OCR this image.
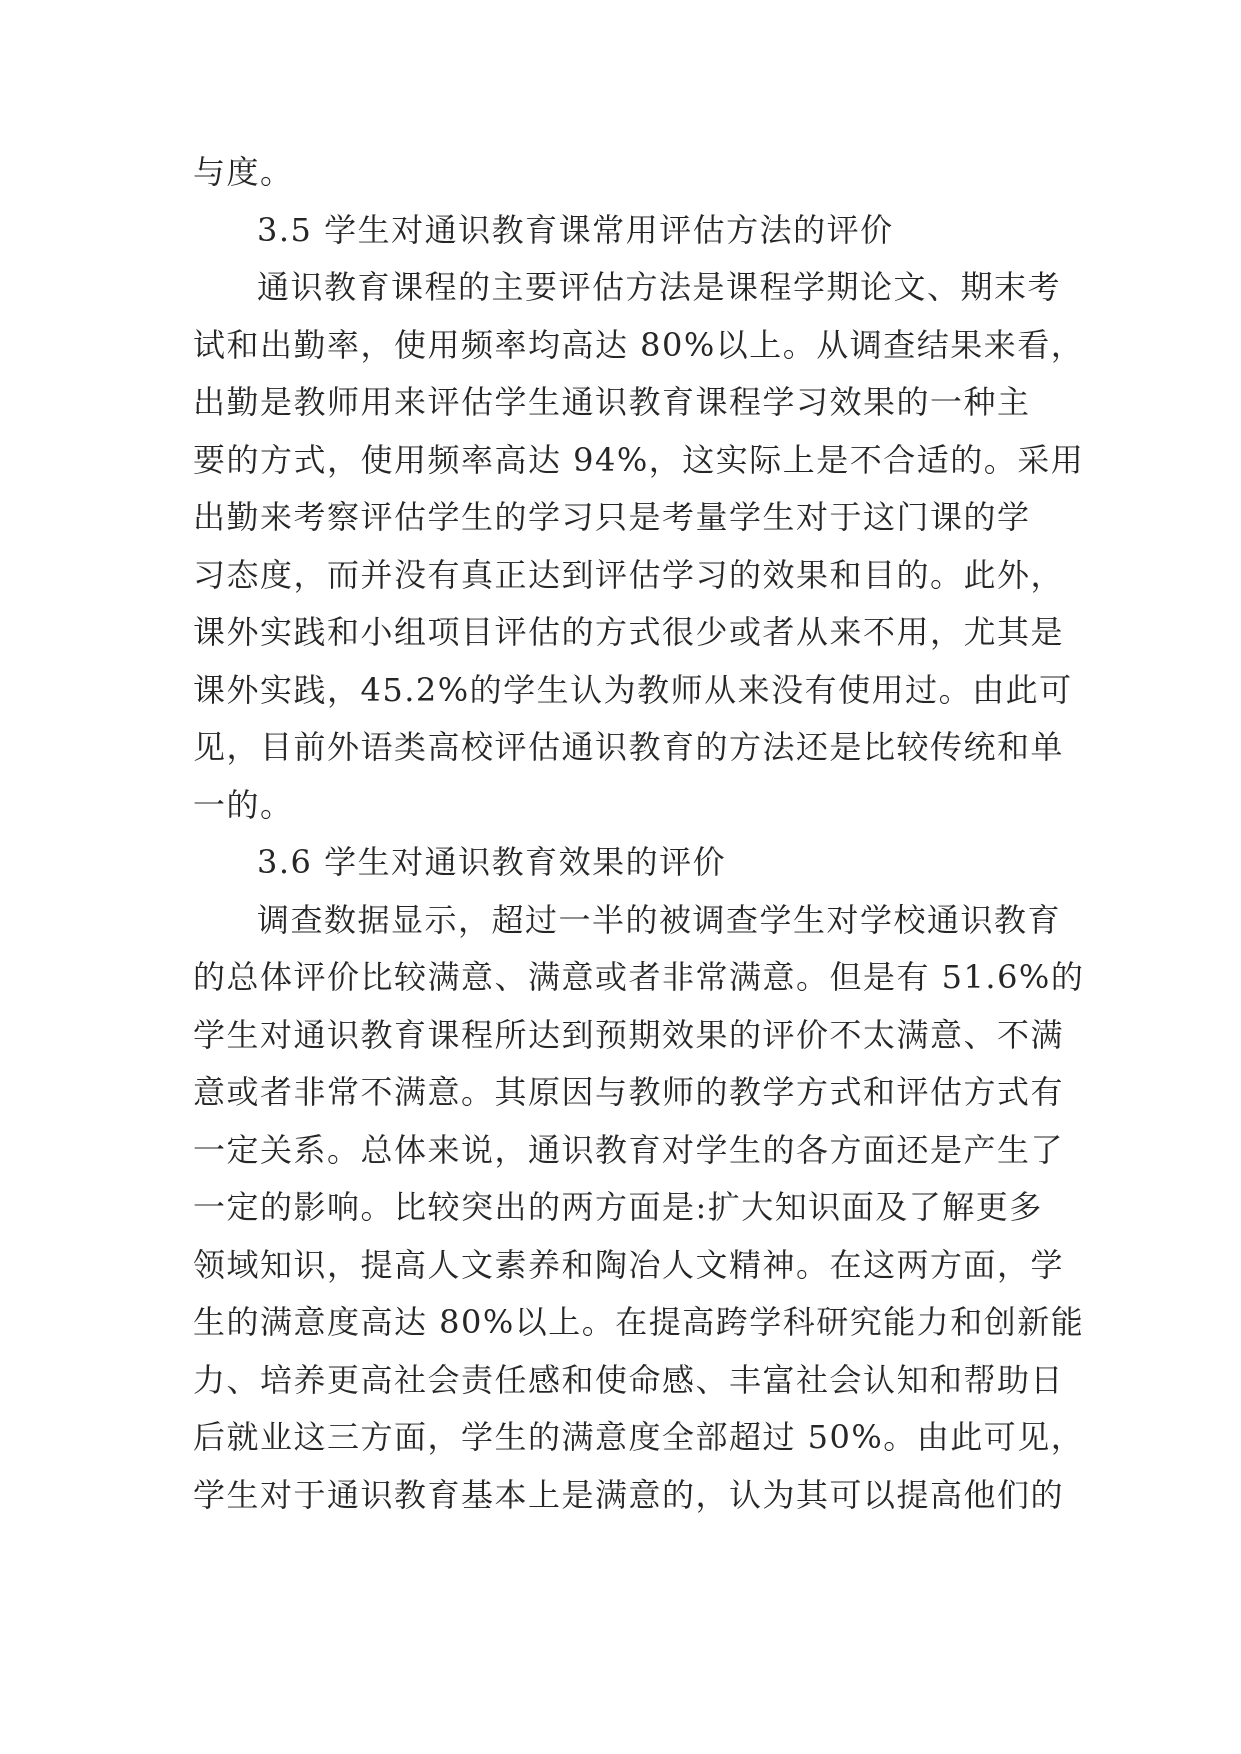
与度。
3.5 学生对通识教育课常用评估方法的评价
通识教育课程的主要评估方法是课程学期论文、期末考
试和出勤率，使用频率均高达 80%以上。从调查结果来看，
出勤是教师用来评估学生通识教育课程学习效果的一种主
要的方式，使用频率高达 94%，这实际上是不合适的。采用
出勤来考察评估学生的学习只是考量学生对于这门课的学
习态度，而并没有真正达到评估学习的效果和目的。此外，
课外实践和小组项目评估的方式很少或者从来不用，尤其是
课外实践，45.2%的学生认为教师从来没有使用过。由此可
见，目前外语类高校评估通识教育的方法还是比较传统和单
一的。
3.6 学生对通识教育效果的评价
调查数据显示，超过一半的被调查学生对学校通识教育
的总体评价比较满意、满意或者非常满意。但是有 51.6%的
学生对通识教育课程所达到预期效果的评价不太满意、不满
意或者非常不满意。其原因与教师的教学方式和评估方式有
一定关系。总体来说，通识教育对学生的各方面还是产生了
一定的影响。比较突出的两方面是:扩大知识面及了解更多
领域知识，提高人文素养和陶冶人文精神。在这两方面，学
生的满意度高达 80%以上。在提高跨学科研究能力和创新能
力、培养更高社会责任感和使命感、丰富社会认知和帮助日
后就业这三方面，学生的满意度全部超过 50%。由此可见，
学生对于通识教育基本上是满意的，认为其可以提高他们的
